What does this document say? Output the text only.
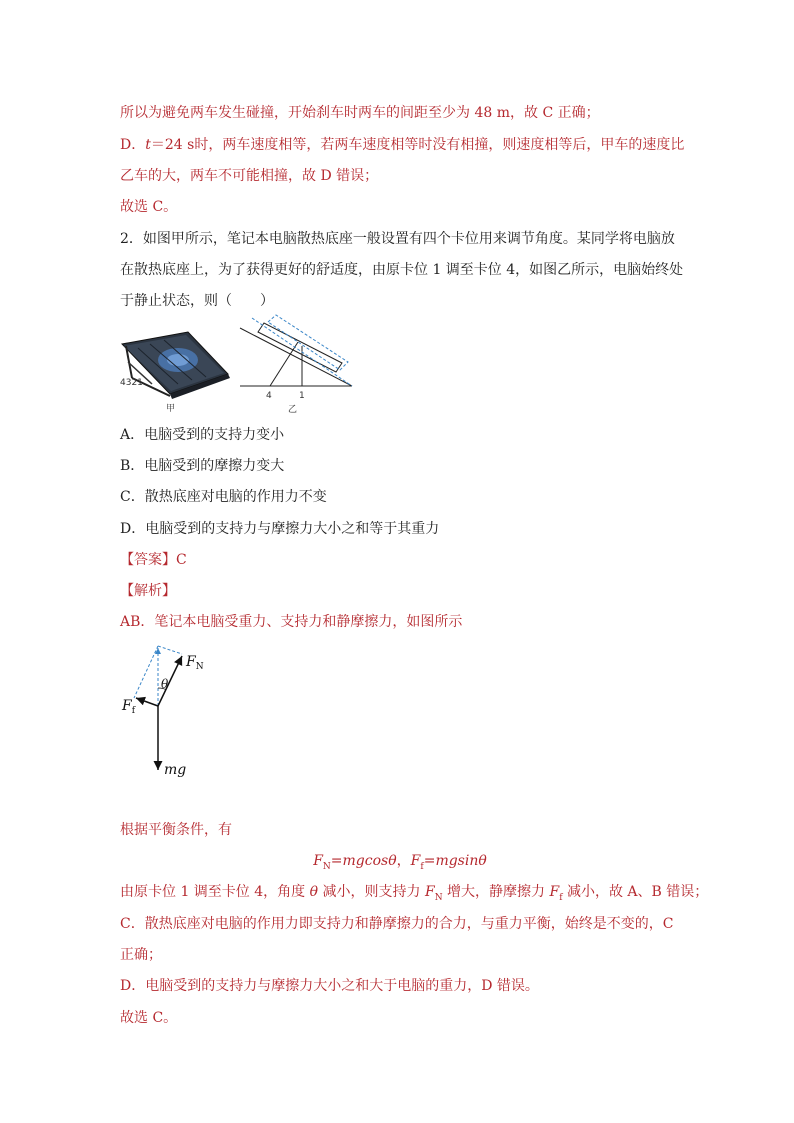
所以为避免两车发生碰撞，开始刹车时两车的间距至少为 48 m，故 C 正确；
D．t＝24 s时，两车速度相等，若两车速度相等时没有相撞，则速度相等后，甲车的速度比
乙车的大，两车不可能相撞，故 D 错误；
故选 C。
2．如图甲所示，笔记本电脑散热底座一般设置有四个卡位用来调节角度。某同学将电脑放
在散热底座上，为了获得更好的舒适度，由原卡位 1 调至卡位 4，如图乙所示，电脑始终处
于静止状态，则（　　）
4321
甲
4	1
乙
A．电脑受到的支持力变小
B．电脑受到的摩擦力变大
C．散热底座对电脑的作用力不变
D．电脑受到的支持力与摩擦力大小之和等于其重力
【答案】C
【解析】
AB．笔记本电脑受重力、支持力和静摩擦力，如图所示
θ
$F_N$
$F_f$
mg
根据平衡条件，有
$F_N=mgcos\theta$，$F_f=mgsin\theta$
由原卡位 1 调至卡位 4，角度 θ 减小，则支持力 $F_N$ 增大，静摩擦力 $F_f$ 减小，故 A、B 错误；
C．散热底座对电脑的作用力即支持力和静摩擦力的合力，与重力平衡，始终是不变的，C
正确；
D．电脑受到的支持力与摩擦力大小之和大于电脑的重力，D 错误。
故选 C。
